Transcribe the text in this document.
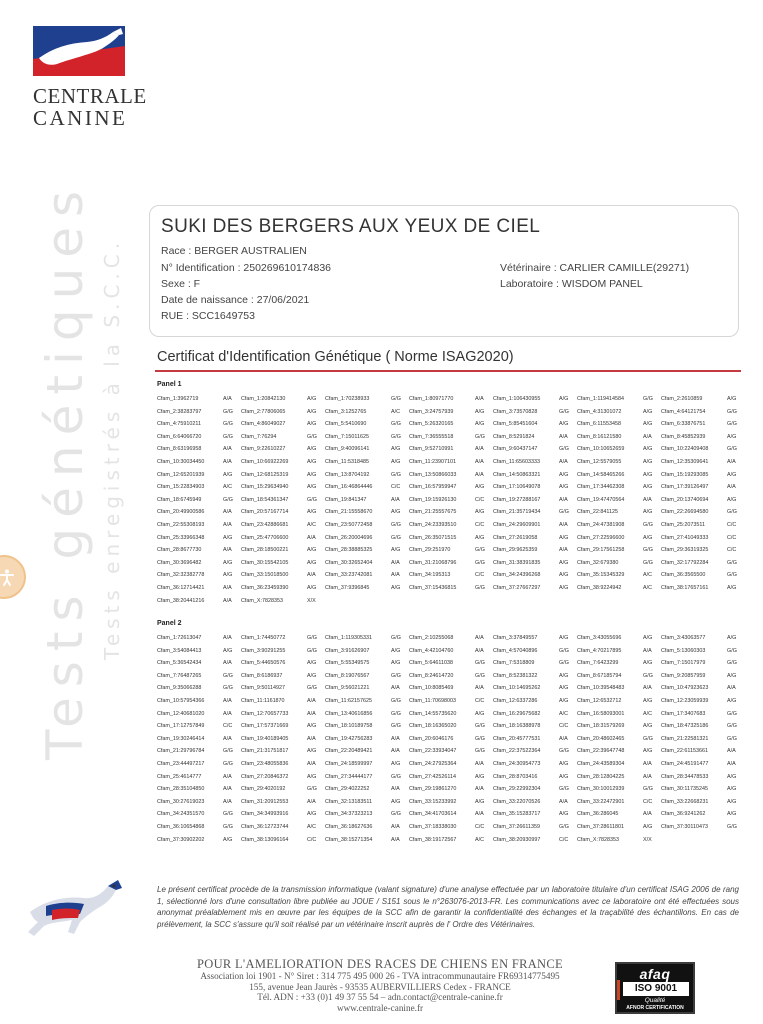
CENTRALE
CANINE
Tests génétiques Tests enregistrés à la S.C.C.
SUKI DES BERGERS AUX YEUX DE CIEL
Race : BERGER AUSTRALIEN
N° Identification : 250269610174836
Sexe : F
Date de naissance : 27/06/2021
RUE : SCC1649753
Vétérinaire : CARLIER CAMILLE(29271)
Laboratoire : WISDOM PANEL
Certificat d'Identification Génétique ( Norme ISAG2020)
Panel 1
Cfam_1:3962719	A/A	Cfam_1:20842130	A/G	Cfam_1:70238933	G/G	Cfam_1:80971770	A/A	Cfam_1:106430955	A/G	Cfam_1:119414584	G/G	Cfam_2:2610859	A/G
Cfam_2:38283797	G/G	Cfam_2:77806065	A/G	Cfam_3:1252765	A/C	Cfam_3:24757939	A/G	Cfam_3:73570828	G/G	Cfam_4:31301072	A/G	Cfam_4:64121754	G/G
Cfam_4:75910211	G/G	Cfam_4:86049027	A/G	Cfam_5:5410690	G/G	Cfam_5:26320165	A/G	Cfam_5:85451604	A/G	Cfam_6:11553458	A/G	Cfam_6:33876751	G/G
Cfam_6:64066720	G/G	Cfam_7:76294	G/G	Cfam_7:15011625	G/G	Cfam_7:36555518	G/G	Cfam_8:5291824	A/A	Cfam_8:16121580	A/A	Cfam_8:45852939	A/G
Cfam_8:63196958	A/A	Cfam_9:22610227	A/G	Cfam_9:40096141	A/G	Cfam_9:52710991	A/A	Cfam_9:60437147	G/G	Cfam_10:10652659	A/G	Cfam_10:22409408	G/G
Cfam_10:30034450	A/A	Cfam_10:66922269	A/G	Cfam_11:5318485	A/G	Cfam_11:23907101	A/A	Cfam_11:65603333	A/A	Cfam_12:5579055	A/G	Cfam_12:35309641	A/A
Cfam_12:65201939	A/G	Cfam_12:68125319	A/G	Cfam_13:8704192	G/G	Cfam_13:50866033	A/A	Cfam_14:50863321	A/G	Cfam_14:58465266	A/G	Cfam_15:19293085	A/G
Cfam_15:22834903	A/C	Cfam_15:29634940	A/G	Cfam_16:46864446	C/C	Cfam_16:57959947	A/G	Cfam_17:10649078	A/G	Cfam_17:34462308	A/G	Cfam_17:39126497	A/A
Cfam_18:6745949	G/G	Cfam_18:54361347	G/G	Cfam_19:841347	A/A	Cfam_19:15926130	C/C	Cfam_19:27288167	A/A	Cfam_19:47470564	A/A	Cfam_20:13740694	A/G
Cfam_20:49900586	A/A	Cfam_20:57167714	A/G	Cfam_21:15558670	A/G	Cfam_21:25557675	A/G	Cfam_21:35719434	G/G	Cfam_22:841125	A/G	Cfam_22:26694580	G/G
Cfam_22:55308193	A/A	Cfam_23:42886681	A/C	Cfam_23:50772458	G/G	Cfam_24:23393510	C/C	Cfam_24:29609901	A/A	Cfam_24:47381908	G/G	Cfam_25:2073511	C/C
Cfam_25:33966348	A/G	Cfam_25:47706600	A/A	Cfam_26:20004696	G/G	Cfam_26:35071515	A/G	Cfam_27:2619058	A/G	Cfam_27:22596600	A/G	Cfam_27:41049333	C/C
Cfam_28:8677730	A/A	Cfam_28:18500221	A/G	Cfam_28:38885325	A/G	Cfam_29:251970	G/G	Cfam_29:9625359	A/A	Cfam_29:17561258	G/G	Cfam_29:36319325	C/C
Cfam_30:3696482	A/G	Cfam_30:15542105	A/G	Cfam_30:32652404	A/A	Cfam_31:21068796	G/G	Cfam_31:38391835	A/G	Cfam_32:679380	G/G	Cfam_32:17792284	G/G
Cfam_32:32382778	A/G	Cfam_33:15018500	A/A	Cfam_33:23742081	A/A	Cfam_34:195313	C/C	Cfam_34:24396268	A/G	Cfam_35:15345329	A/C	Cfam_36:3565500	G/G
Cfam_36:12714421	A/A	Cfam_36:23459390	A/G	Cfam_37:9396845	A/G	Cfam_37:15436815	G/G	Cfam_37:27667297	A/G	Cfam_38:9224942	A/C	Cfam_38:17657161	A/G
Cfam_38:20441216	A/A	Cfam_X:7828353	X/X
Panel 2
Cfam_1:72613047	A/A	Cfam_1:74450772	G/G	Cfam_1:119305331	G/G	Cfam_2:10255068	A/A	Cfam_3:37849557	A/G	Cfam_3:43055696	A/G	Cfam_3:43063577	A/G
Cfam_3:54084413	A/G	Cfam_3:90291255	G/G	Cfam_3:91626907	A/G	Cfam_4:42104760	A/A	Cfam_4:57040896	G/G	Cfam_4:70217895	A/A	Cfam_5:13060303	G/G
Cfam_5:36542434	A/A	Cfam_5:44650576	A/G	Cfam_5:55349575	A/G	Cfam_5:64611038	G/G	Cfam_7:5318809	G/G	Cfam_7:6423299	A/G	Cfam_7:15017979	G/G
Cfam_7:76487265	G/G	Cfam_8:6186937	A/G	Cfam_8:19076567	G/G	Cfam_8:24614720	G/G	Cfam_8:52381322	A/G	Cfam_8:67185794	G/G	Cfam_9:20857959	A/G
Cfam_9:35066288	G/G	Cfam_9:50114927	G/G	Cfam_9:56021221	A/A	Cfam_10:8085469	A/A	Cfam_10:14695262	A/G	Cfam_10:39548483	A/A	Cfam_10:47923623	A/A
Cfam_10:57954366	A/A	Cfam_11:1161870	A/A	Cfam_11:62157625	G/G	Cfam_11:70698003	C/C	Cfam_12:6337286	A/G	Cfam_12:6532712	A/G	Cfam_12:23059939	A/G
Cfam_12:40681020	A/A	Cfam_12:70657733	A/A	Cfam_13:40616856	G/G	Cfam_14:55735620	A/G	Cfam_16:29675682	A/C	Cfam_16:58093001	A/C	Cfam_17:3407683	G/G
Cfam_17:12757849	C/C	Cfam_17:57371669	A/G	Cfam_18:10189758	G/G	Cfam_18:16365020	G/G	Cfam_18:16388978	C/C	Cfam_18:31579269	A/G	Cfam_18:47325186	G/G
Cfam_19:30246414	A/A	Cfam_19:40189405	A/A	Cfam_19:42756283	A/A	Cfam_20:6046176	G/G	Cfam_20:45777531	A/A	Cfam_20:48602465	G/G	Cfam_21:22581321	G/G
Cfam_21:29796784	G/G	Cfam_21:31751817	A/G	Cfam_22:20489421	A/A	Cfam_22:33934047	G/G	Cfam_22:37522364	G/G	Cfam_22:39647748	A/G	Cfam_22:61153661	A/A
Cfam_23:44497217	G/G	Cfam_23:48055836	A/A	Cfam_24:18599997	A/G	Cfam_24:27925364	A/A	Cfam_24:30954773	A/G	Cfam_24:43589304	A/A	Cfam_24:45191477	A/A
Cfam_25:4614777	A/A	Cfam_27:20846372	A/G	Cfam_27:34444177	G/G	Cfam_27:42526114	A/G	Cfam_28:8703416	A/G	Cfam_28:12804225	A/A	Cfam_28:34478533	A/G
Cfam_28:35104850	A/A	Cfam_29:4020192	G/G	Cfam_29:4022252	A/A	Cfam_29:19861270	A/A	Cfam_29:22992304	G/G	Cfam_30:10012939	G/G	Cfam_30:11735245	A/G
Cfam_30:27619023	A/A	Cfam_31:20912553	A/A	Cfam_32:13183511	A/G	Cfam_33:15233992	A/G	Cfam_33:22070526	A/A	Cfam_33:22472901	C/C	Cfam_33:22668231	A/G
Cfam_34:24351570	G/G	Cfam_34:34993916	A/G	Cfam_34:37323213	G/G	Cfam_34:41703614	A/A	Cfam_35:15283717	A/G	Cfam_36:286045	A/A	Cfam_36:9241262	A/G
Cfam_36:10654868	G/G	Cfam_36:12723744	A/C	Cfam_36:18627636	A/A	Cfam_37:18338030	C/C	Cfam_37:26611359	G/G	Cfam_37:28611801	A/G	Cfam_37:30110473	G/G
Cfam_37:30902202	A/G	Cfam_38:13096164	C/C	Cfam_38:15271354	A/A	Cfam_38:19172567	A/C	Cfam_38:20930997	C/C	Cfam_X:7828353	X/X
Le présent certificat procède de la transmission informatique (valant signature) d'une analyse effectuée par un laboratoire titulaire d'un certificat ISAG 2006 de rang 1, sélectionné lors d'une consultation libre publiée au JOUE / S151 sous le n°263076-2013-FR. Les communications avec ce laboratoire ont été effectuées sous anonymat préalablement mis en œuvre par les équipes de la SCC afin de garantir la confidentialité des échanges et la traçabilité des échantillons. En cas de prélèvement, la SCC s'assure qu'il soit réalisé par un vétérinaire inscrit auprès de l' Ordre des Vétérinaires.
POUR L'AMELIORATION DES RACES DE CHIENS EN FRANCE
Association loi 1901 - N° Siret : 314 775 495 000 26 - TVA intracommunautaire FR69314775495
155, avenue Jean Jaurès - 93535 AUBERVILLIERS Cedex - FRANCE
Tél. ADN : +33 (0)1 49 37 55 54 – adn.contact@centrale-canine.fr
www.centrale-canine.fr
afaq
ISO 9001
Qualité
AFNOR CERTIFICATION
